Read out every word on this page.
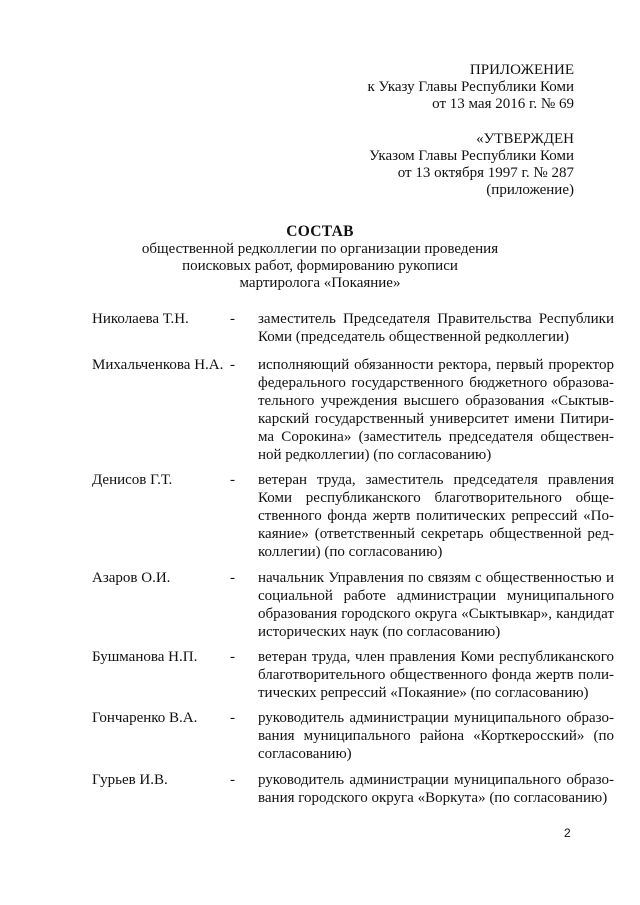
ПРИЛОЖЕНИЕ
к Указу Главы Республики Коми
от 13 мая 2016 г. № 69
«УТВЕРЖДЕН
Указом Главы Республики Коми
от 13 октября 1997 г. № 287
(приложение)
СОСТАВ
общественной редколлегии по организации проведения
поисковых работ, формированию рукописи
мартиролога «Покаяние»
Николаева Т.Н.	- заместитель Председателя Правительства Республики
Коми (председатель общественной редколлегии)
Михальченкова Н.А. - исполняющий обязанности ректора, первый проректор
федерального государственного бюджетного образова-
тельного учреждения высшего образования «Сыктыв-
карский государственный университет имени Питири-
ма Сорокина» (заместитель председателя обществен-
ной редколлегии) (по согласованию)
Денисов Г.Т.	- ветеран труда, заместитель председателя правления
Коми республиканского благотворительного обще-
ственного фонда жертв политических репрессий «По-
каяние» (ответственный секретарь общественной ред-
коллегии) (по согласованию)
Азаров О.И.	- начальник Управления по связям с общественностью и
социальной работе администрации муниципального
образования городского округа «Сыктывкар», кандидат
исторических наук (по согласованию)
Бушманова Н.П. - ветеран труда, член правления Коми республиканского
благотворительного общественного фонда жертв поли-
тических репрессий «Покаяние» (по согласованию)
Гончаренко В.А. - руководитель администрации муниципального образо-
вания муниципального района «Корткеросский» (по
согласованию)
Гурьев И.В.	- руководитель администрации муниципального образо-
вания городского округа «Воркута» (по согласованию)
2
